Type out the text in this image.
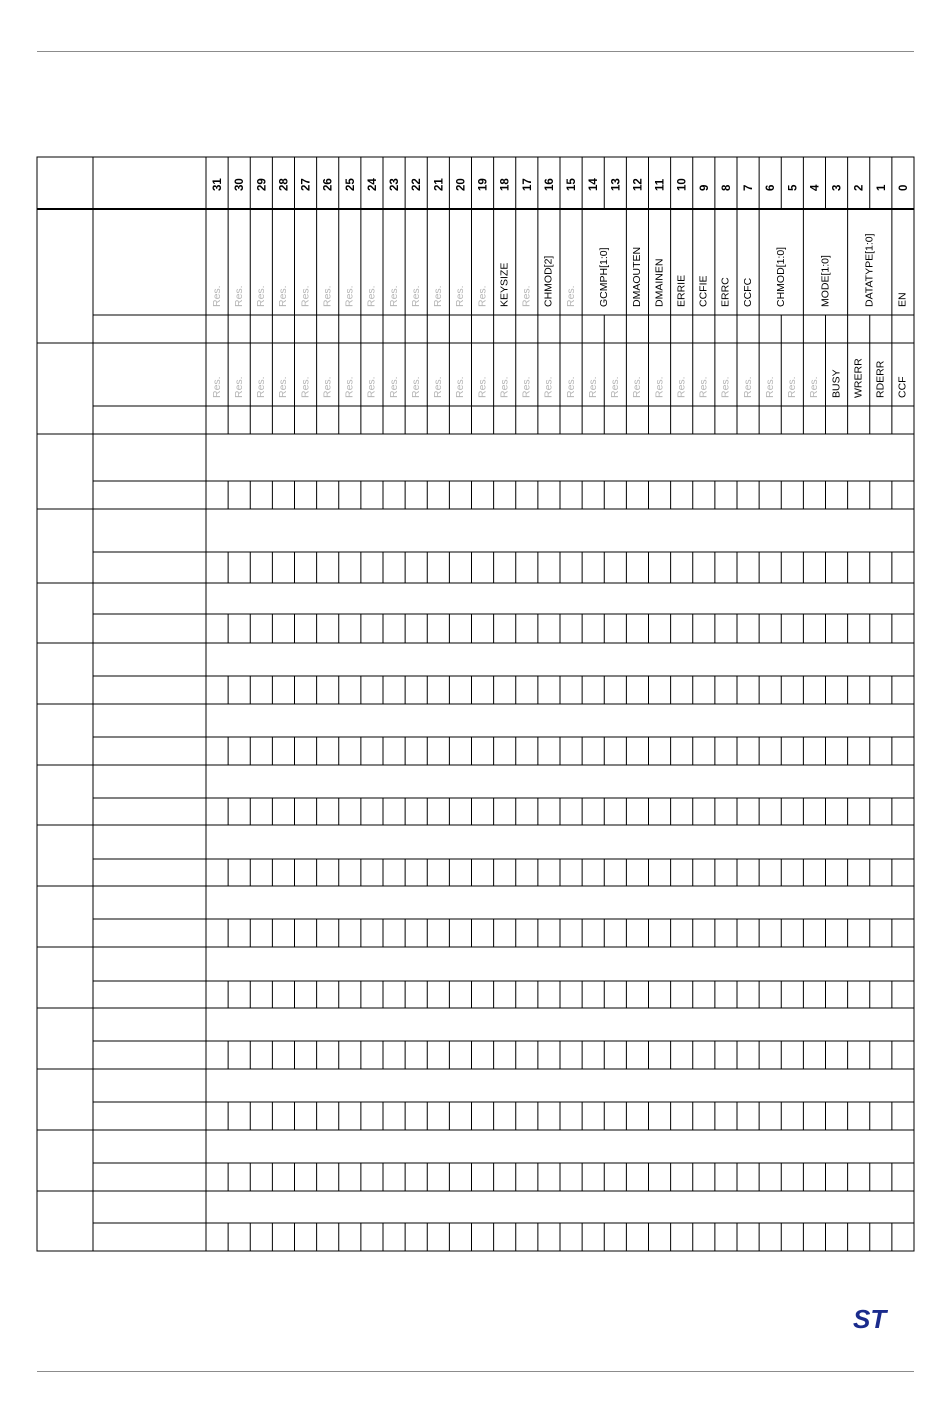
31 30 29 28 27 26 25 24 23 22 21 20 19 18 17 16 15 14 13 12 11 10 9 8 7 6 5 4 3 2 1 0
Res. Res. Res. Res. Res. Res. Res. Res. Res. Res. Res. Res. Res. KEYSIZE Res. CHMOD[2] Res. GCMPH[1:0] DMAOUTEN DMAINEN ERRIE CCFIE ERRC CCFC CHMOD[1:0]	MODE[1:0]	DATATYPE[1:0] EN
Res. Res. Res. Res. Res. Res. Res. Res. Res. Res. Res. Res. Res. Res. Res. Res. Res. Res. Res. Res. Res. Res. Res. Res. Res. Res. Res. Res. BUSY WRERR RDERR CCF
ST
